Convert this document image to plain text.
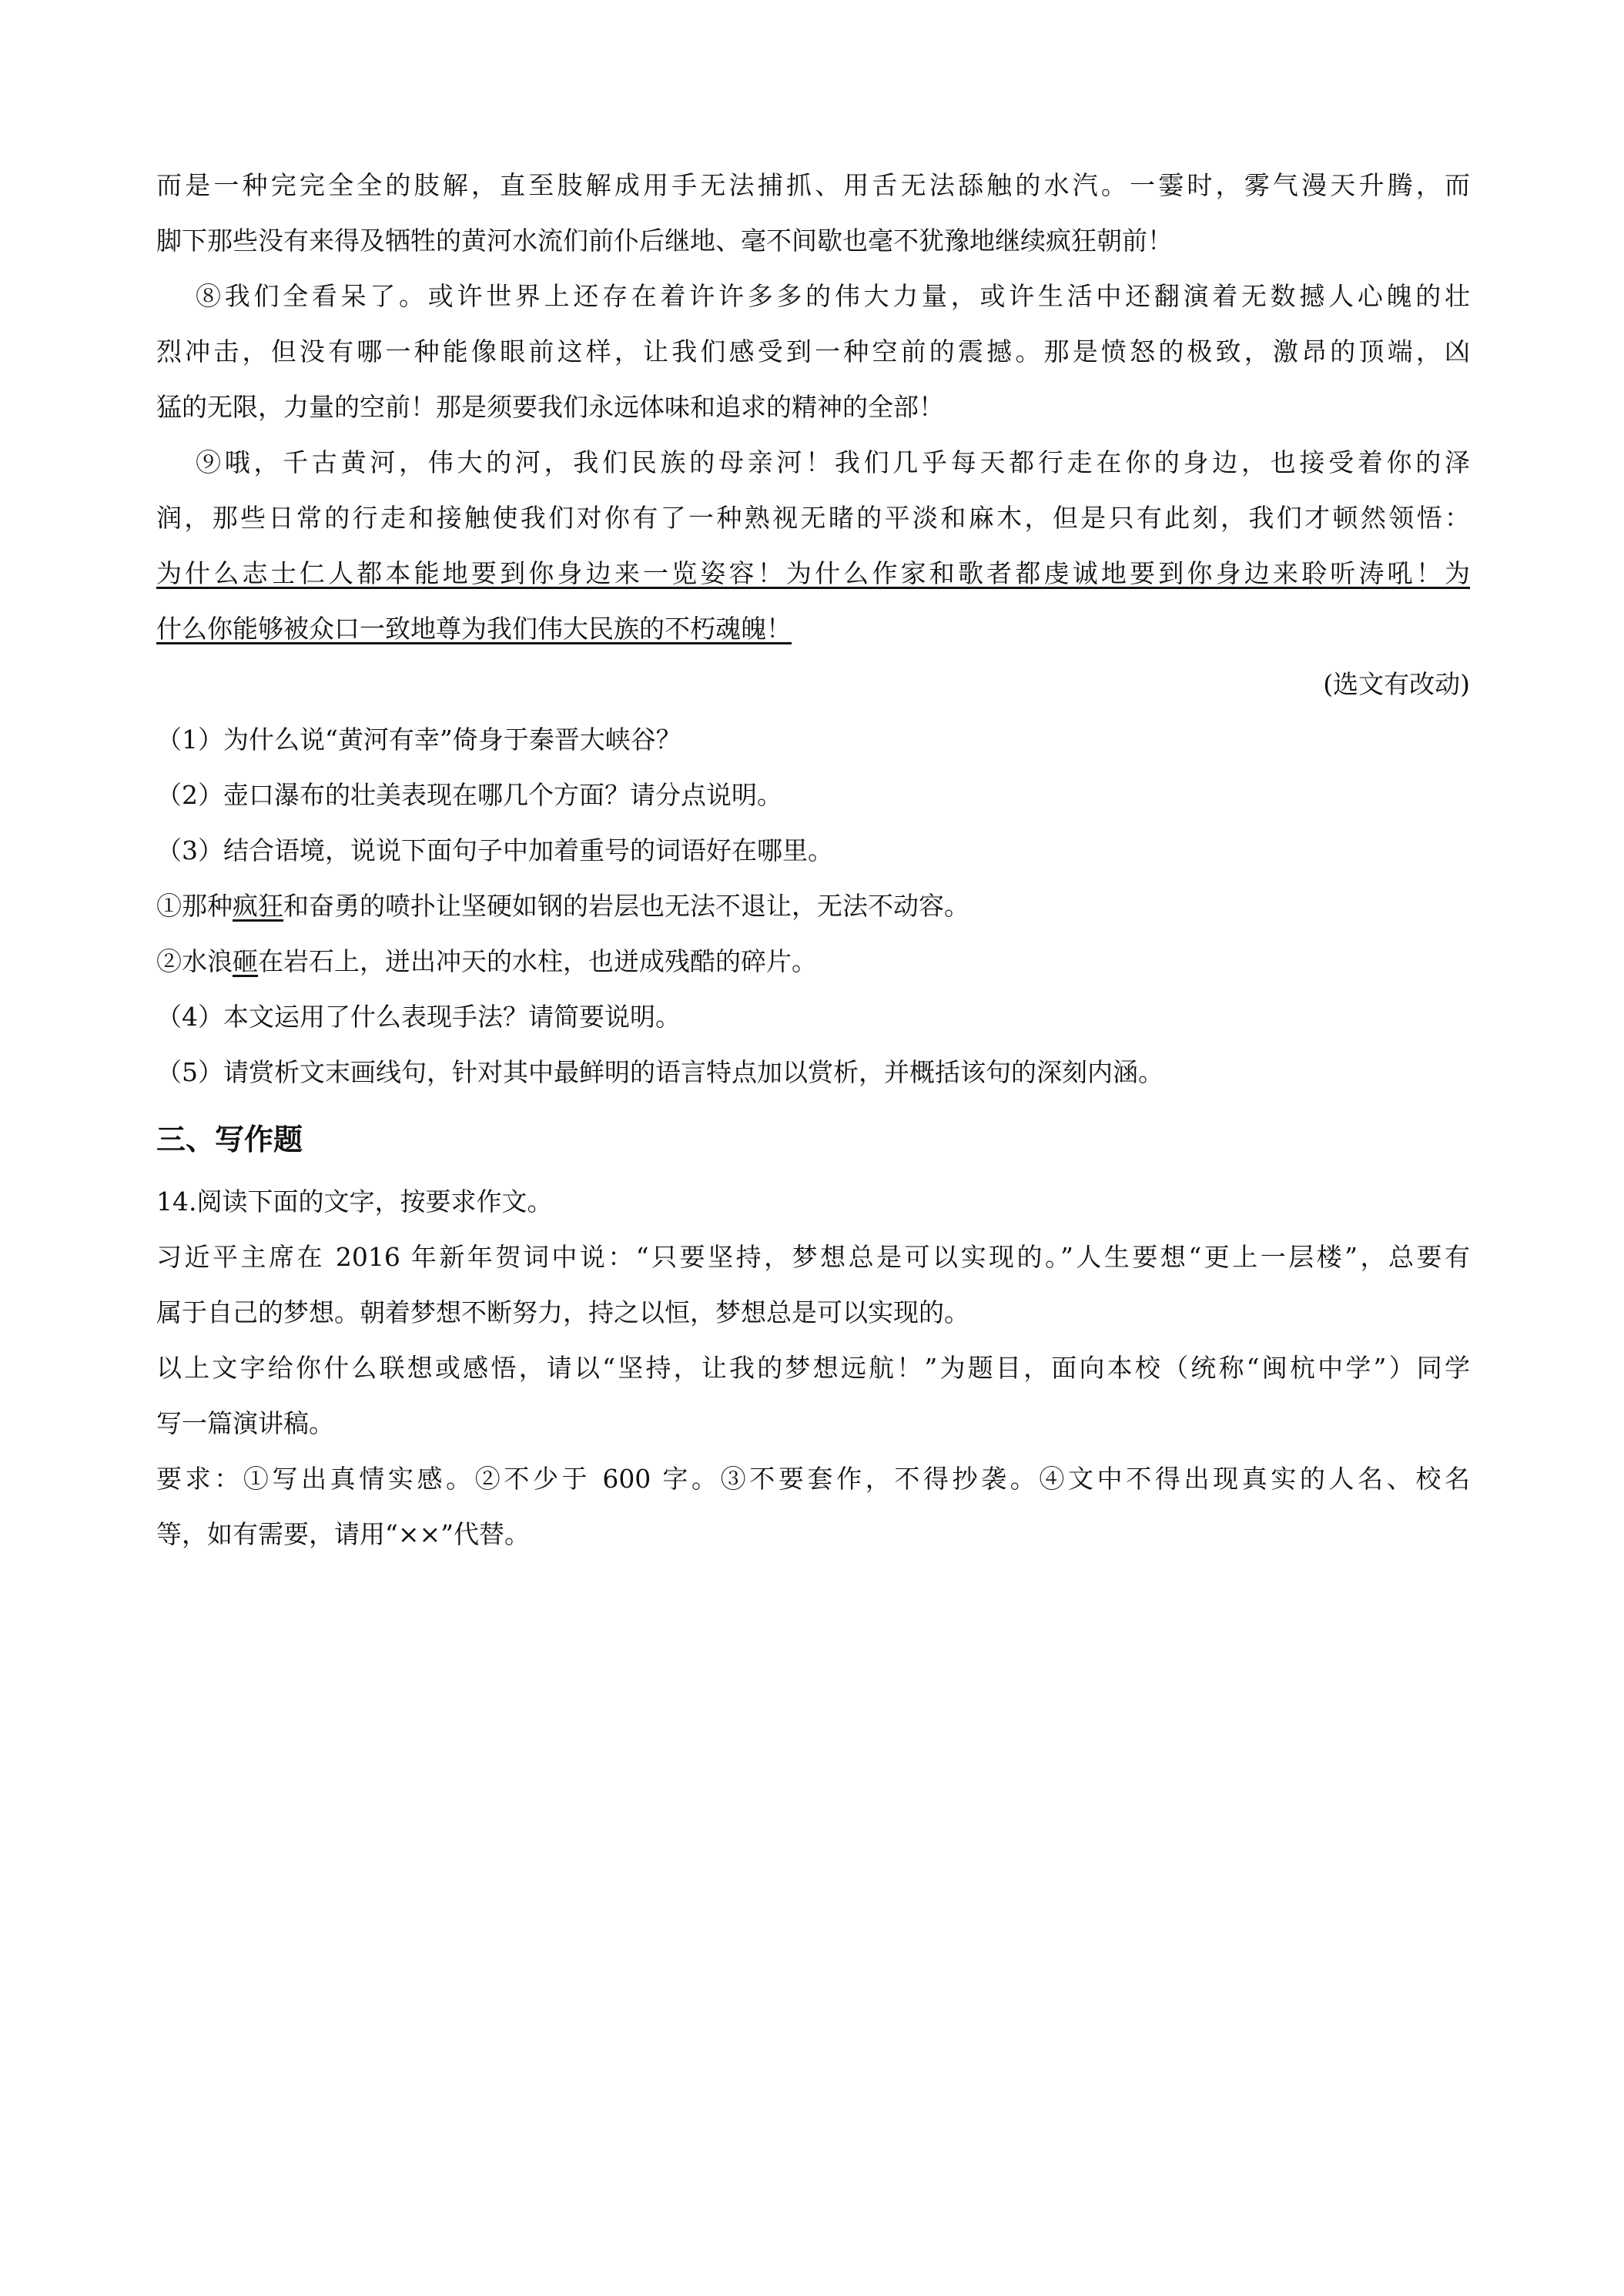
而是一种完完全全的肢解，直至肢解成用手无法捕抓、用舌无法舔触的水汽。一霎时，雾气漫天升腾，而

脚下那些没有来得及牺牲的黄河水流们前仆后继地、毫不间歇也毫不犹豫地继续疯狂朝前！

⑧我们全看呆了。或许世界上还存在着许许多多的伟大力量，或许生活中还翻演着无数撼人心魄的壮

烈冲击，但没有哪一种能像眼前这样，让我们感受到一种空前的震撼。那是愤怒的极致，激昂的顶端，凶

猛的无限，力量的空前！那是须要我们永远体味和追求的精神的全部！

⑨哦，千古黄河，伟大的河，我们民族的母亲河！我们几乎每天都行走在你的身边，也接受着你的泽

润，那些日常的行走和接触使我们对你有了一种熟视无睹的平淡和麻木，但是只有此刻，我们才顿然领悟：

为什么志士仁人都本能地要到你身边来一览姿容！为什么作家和歌者都虔诚地要到你身边来聆听涛吼！为

什么你能够被众口一致地尊为我们伟大民族的不朽魂魄！

(选文有改动)

（1）为什么说“黄河有幸”倚身于秦晋大峡谷？

（2）壶口瀑布的壮美表现在哪几个方面？请分点说明。

（3）结合语境，说说下面句子中加着重号的词语好在哪里。

①那种疯狂和奋勇的喷扑让坚硬如钢的岩层也无法不退让，无法不动容。

②水浪砸在岩石上，迸出冲天的水柱，也迸成残酷的碎片。

（4）本文运用了什么表现手法？请简要说明。

（5）请赏析文末画线句，针对其中最鲜明的语言特点加以赏析，并概括该句的深刻内涵。

三、写作题

14.阅读下面的文字，按要求作文。

习近平主席在 2016 年新年贺词中说：“只要坚持，梦想总是可以实现的。”人生要想“更上一层楼”，总要有

属于自己的梦想。朝着梦想不断努力，持之以恒，梦想总是可以实现的。

以上文字给你什么联想或感悟，请以“坚持，让我的梦想远航！”为题目，面向本校（统称“闽杭中学”）同学

写一篇演讲稿。

要求：①写出真情实感。②不少于 600 字。③不要套作，不得抄袭。④文中不得出现真实的人名、校名

等，如有需要，请用“××”代替。
